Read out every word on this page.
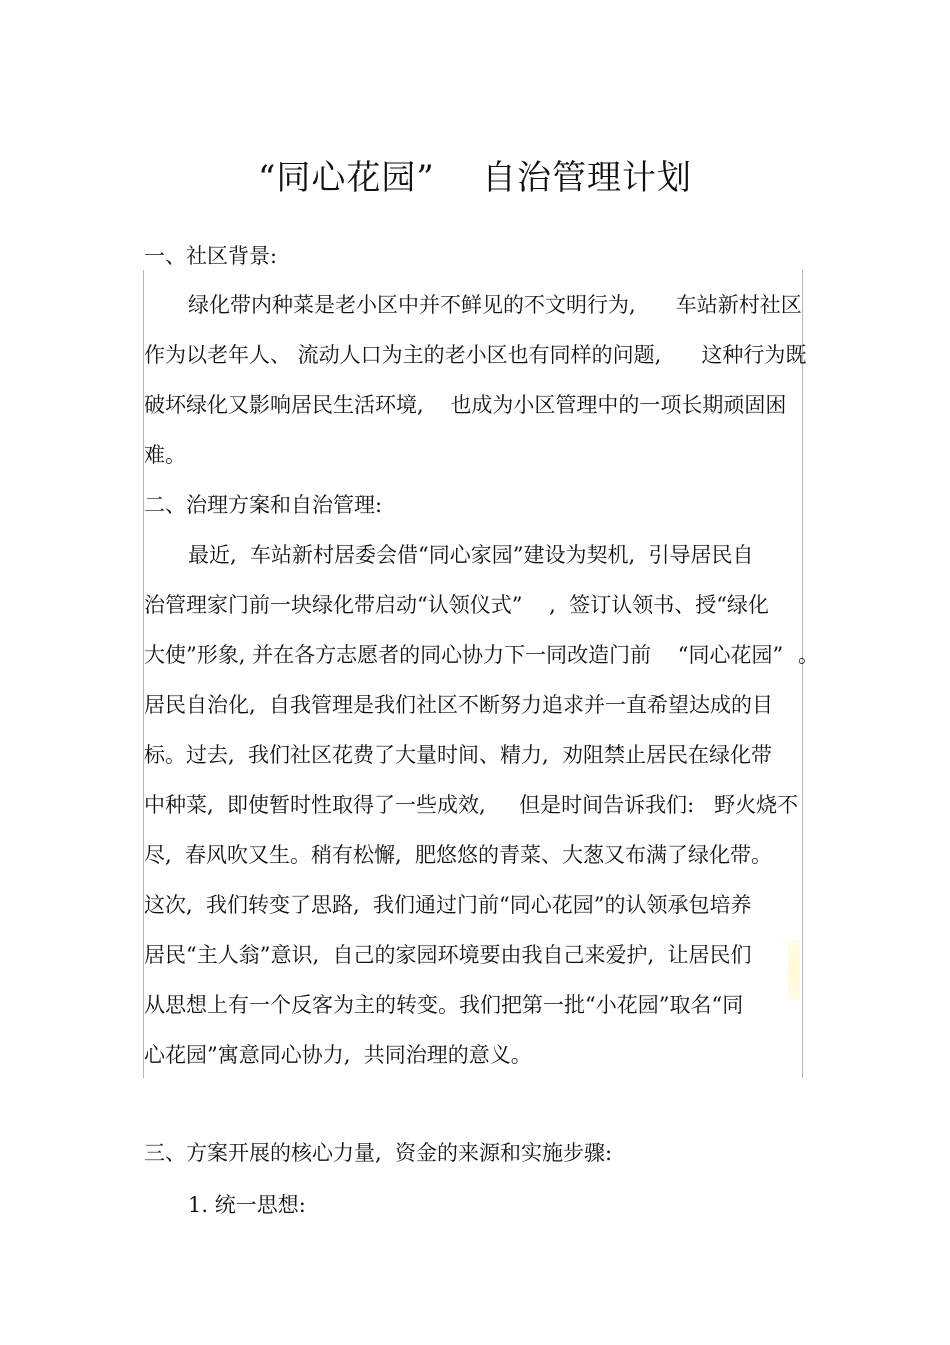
“同心花园”    自治管理计划
一、社区背景:
绿化带内种菜是老小区中并不鲜见的不文明行为,      车站新村社区
作为以老年人、 流动人口为主的老小区也有同样的问题,      这种行为既
破坏绿化又影响居民生活环境,    也成为小区管理中的一项长期顽固困
难。
二、治理方案和自治管理:
最近,  车站新村居委会借“同心家园”建设为契机,  引导居民自
治管理家门前一块绿化带启动“认领仪式”    ,  签订认领书、授“绿化
大使”形象, 并在各方志愿者的同心协力下一同改造门前    “同心花园” 。
居民自治化,  自我管理是我们社区不断努力追求并一直希望达成的目
标。过去,  我们社区花费了大量时间、精力,  劝阻禁止居民在绿化带
中种菜,  即使暂时性取得了一些成效,     但是时间告诉我们:   野火烧不
尽,  春风吹又生。稍有松懈,  肥悠悠的青菜、大葱又布满了绿化带。
这次,  我们转变了思路,  我们通过门前“同心花园”的认领承包培养
居民“主人翁”意识,  自己的家园环境要由我自己来爱护,  让居民们
从思想上有一个反客为主的转变。我们把第一批“小花园”取名“同
心花园”寓意同心协力,  共同治理的意义。
三、方案开展的核心力量,  资金的来源和实施步骤:
1. 统一思想:
